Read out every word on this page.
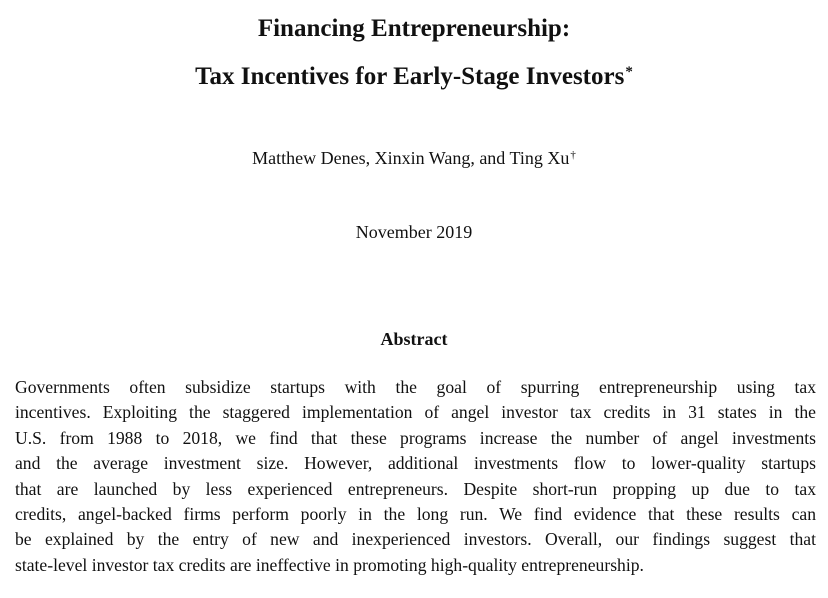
Financing Entrepreneurship:
Tax Incentives for Early-Stage Investors*
Matthew Denes, Xinxin Wang, and Ting Xu†
November 2019
Abstract
Governments often subsidize startups with the goal of spurring entrepreneurship using tax
incentives. Exploiting the staggered implementation of angel investor tax credits in 31 states in the
U.S. from 1988 to 2018, we find that these programs increase the number of angel investments
and the average investment size. However, additional investments flow to lower-quality startups
that are launched by less experienced entrepreneurs. Despite short-run propping up due to tax
credits, angel-backed firms perform poorly in the long run. We find evidence that these results can
be explained by the entry of new and inexperienced investors. Overall, our findings suggest that
state-level investor tax credits are ineffective in promoting high-quality entrepreneurship.
